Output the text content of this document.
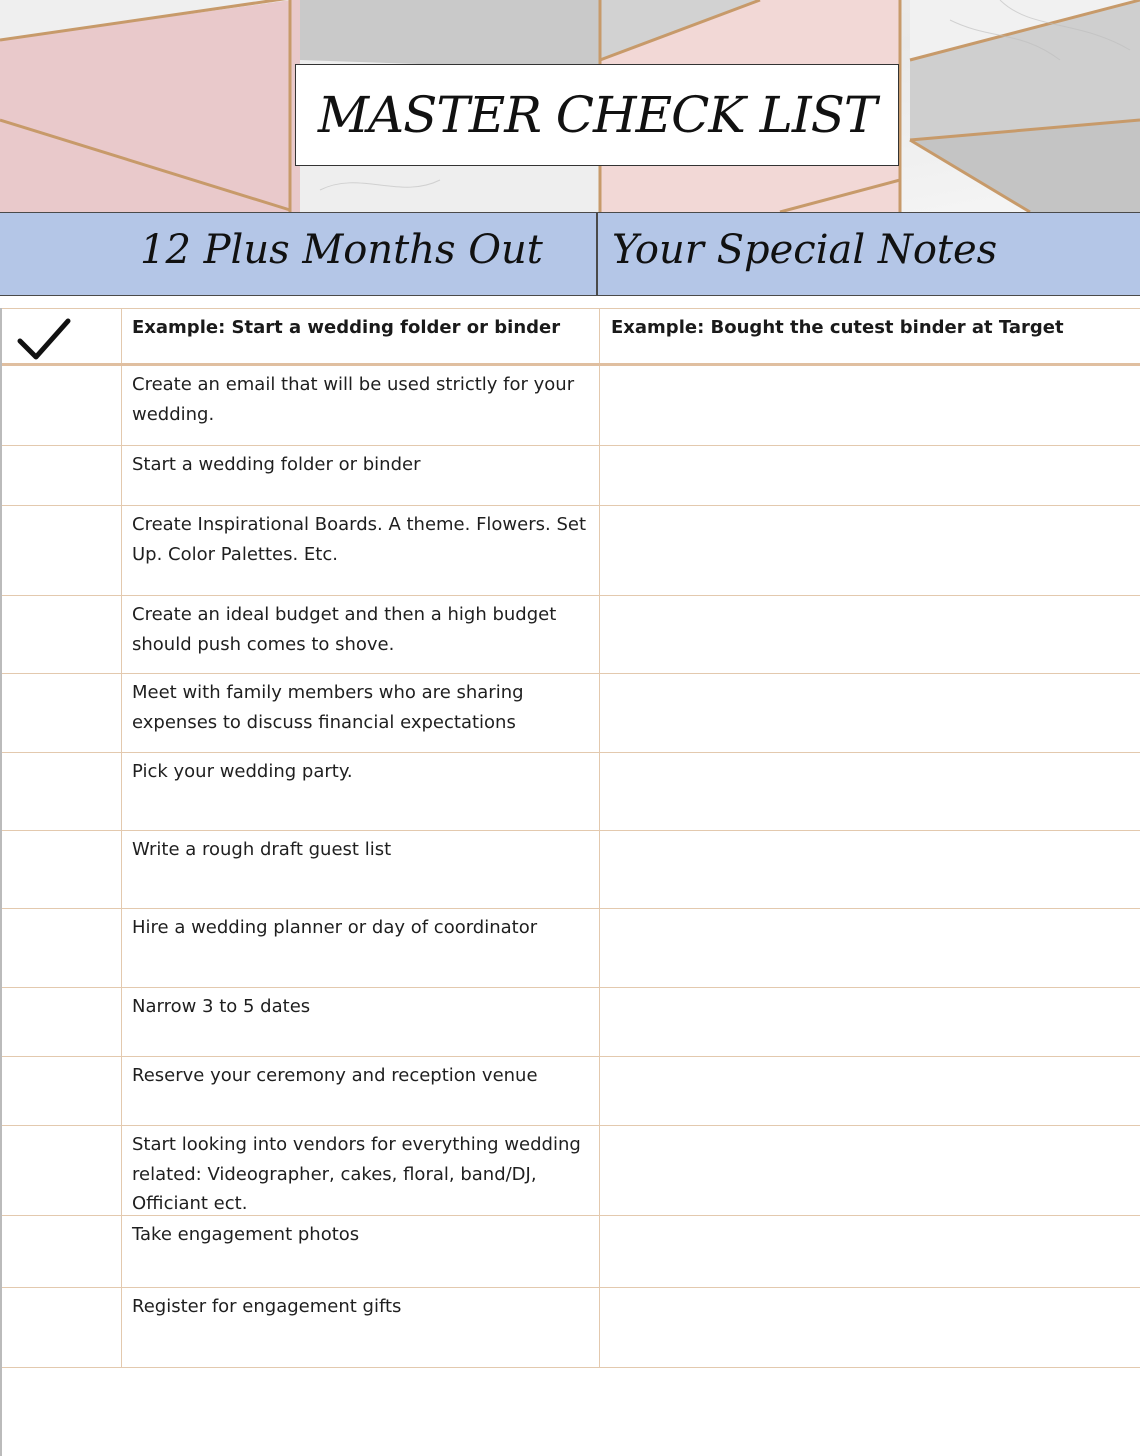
MASTER CHECK LIST
12 Plus Months Out Your Special Notes
Example: Start a wedding folder or binder	Example: Bought the cutest binder at Target
Create an email that will be used strictly for your wedding.
Start a wedding folder or binder
Create Inspirational Boards. A theme. Flowers. Set Up. Color Palettes. Etc.
Create an ideal budget and then a high budget should push comes to shove.
Meet with family members who are sharing expenses to discuss financial expectations
Pick your wedding party.
Write a rough draft guest list
Hire a wedding planner or day of coordinator
Narrow 3 to 5 dates
Reserve your ceremony and reception venue
Start looking into vendors for everything wedding related: Videographer, cakes, floral, band/DJ, Officiant ect.
Take engagement photos
Register for engagement gifts
